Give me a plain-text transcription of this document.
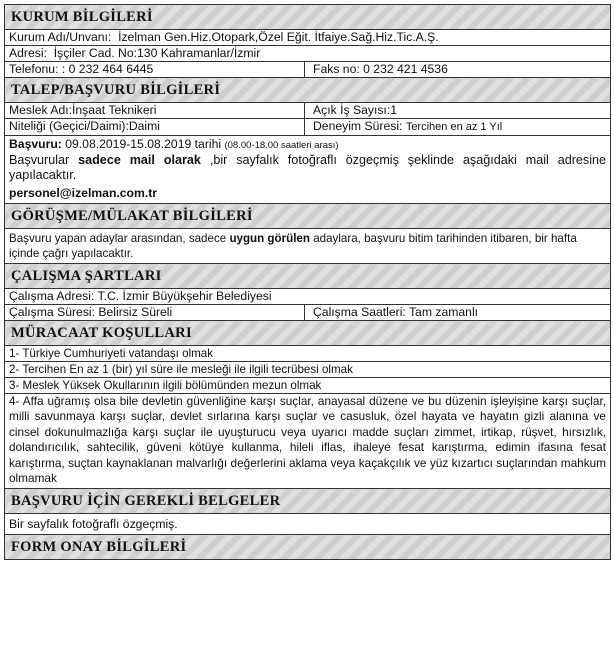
KURUM BİLGİLERİ	
Kurum Adı/Unvanı: İzelman Gen.Hiz.Otopark,Özel Eğit. İtfaiye.Sağ.Hiz.Tic.A.Ş.	
Adresi: İşçiler Cad. No:130 Kahramanlar/İzmir	
Telefonu: : 0 232 464 6445	Faks no: 0 232 421 4536
TALEP/BAŞVURU BİLGİLERİ	
Meslek Adı:İnşaat Teknikeri	Açık İş Sayısı:1
Niteliği (Geçici/Daimi):Daimi	Deneyim Süresi: Tercihen en az 1 Yıl

Başvuru: 09.08.2019-15.08.2019 tarihi (08.00-18.00 saatleri arası)
Başvurular sadece mail olarak ,bir sayfalık fotoğraflı özgeçmiş şeklinde aşağıdaki mail adresine yapılacaktır.
personel@izelman.com.tr	

GÖRÜŞME/MÜLAKAT BİLGİLERİ	
Başvuru yapan adaylar arasından, sadece uygun görülen adaylara, başvuru bitim tarihinden itibaren, bir hafta içinde çağrı yapılacaktır.	
ÇALIŞMA ŞARTLARI	
Çalışma Adresi: T.C. İzmir Büyükşehir Belediyesi	
Çalışma Süresi: Belirsiz Süreli	Çalışma Saatleri: Tam zamanlı
MÜRACAAT KOŞULLARI	
1- Türkiye Cumhuriyeti vatandaşı olmak	
2- Tercihen En az 1 (bir) yıl süre ile mesleği ile ilgili tecrübesi olmak	
3- Meslek Yüksek Okullarının ilgili bölümünden mezun olmak	
4- Affa uğramış olsa bile devletin güvenliğine karşı suçlar, anayasal düzene ve bu düzenin işleyişine karşı suçlar, milli savunmaya karşı suçlar, devlet sırlarına karşı suçlar ve casusluk, özel hayata ve hayatın gizli alanına ve cinsel dokunulmazlığa karşı suçlar ile uyuşturucu veya uyarıcı madde suçları zimmet, irtikap, rüşvet, hırsızlık, dolandırıcılık, sahtecilik, güveni kötüye kullanma, hileli iflas, ihaleye fesat karıştırma, edimin ifasına fesat karıştırma, suçtan kaynaklanan malvarlığı değerlerini aklama veya kaçakçılık ve yüz kızartıcı suçlarından mahkum olmamak	
BAŞVURU İÇİN GEREKLİ BELGELER	
Bir sayfalık fotoğraflı özgeçmiş.	
FORM ONAY BİLGİLERİ	
